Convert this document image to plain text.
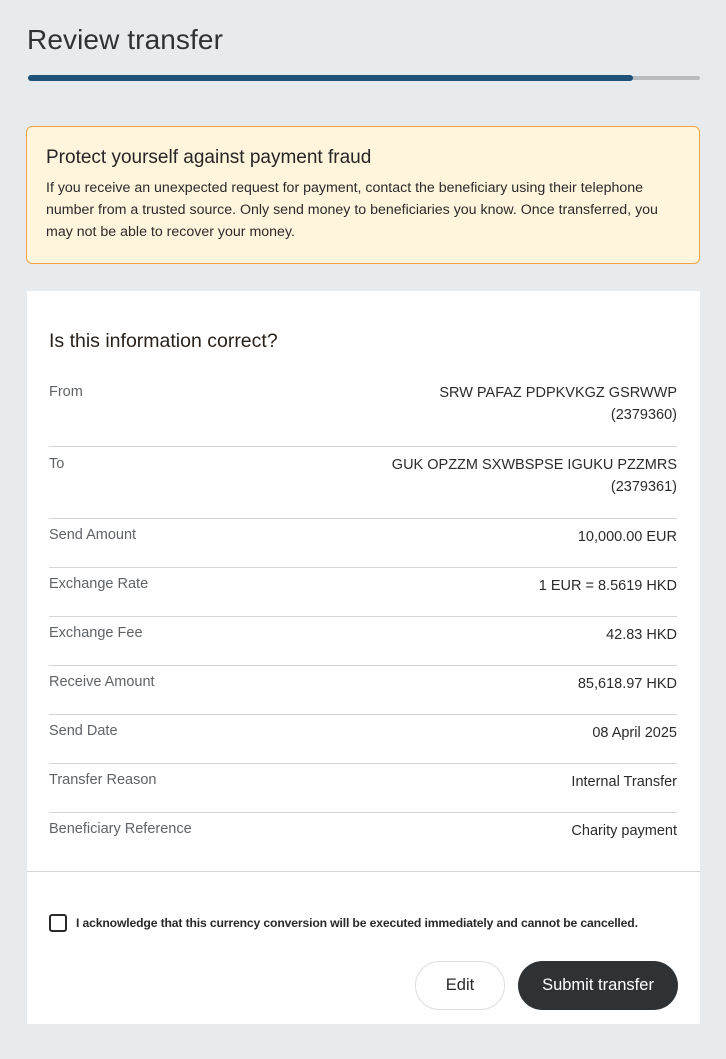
Review transfer
Protect yourself against payment fraud
If you receive an unexpected request for payment, contact the beneficiary using their telephone number from a trusted source. Only send money to beneficiaries you know. Once transferred, you may not be able to recover your money.
Is this information correct?
From	SRW PAFAZ PDPKVKGZ GSRWWP
(2379360)
To	GUK OPZZM SXWBSPSE IGUKU PZZMRS
(2379361)
Send Amount	10,000.00 EUR
Exchange Rate	1 EUR = 8.5619 HKD
Exchange Fee	42.83 HKD
Receive Amount	85,618.97 HKD
Send Date	08 April 2025
Transfer Reason	Internal Transfer
Beneficiary Reference	Charity payment
I acknowledge that this currency conversion will be executed immediately and cannot be cancelled.
Edit	Submit transfer
